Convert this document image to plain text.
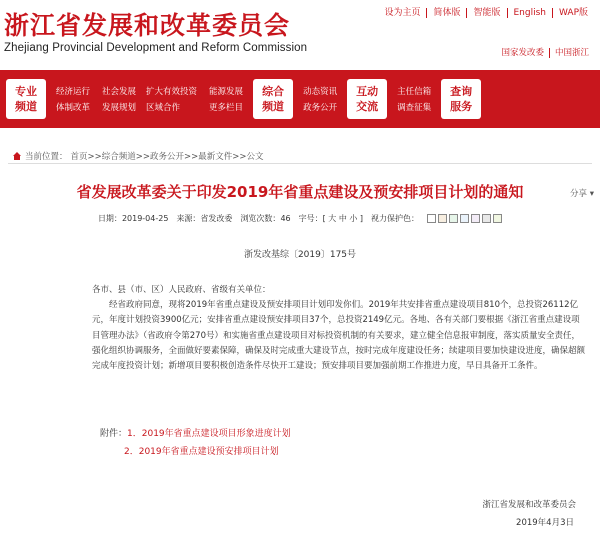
浙江省发展和改革委员会
Zhejiang Provincial Development and Reform Commission
设为主页	简体版	智能版	English	WAP版
国家发改委	中国浙江
专业
频道
经济运行 社会发展
体制改革 发展规划
扩大有效投资 能源发展
区域合作	更多栏目
综合
频道
动态资讯
政务公开
互动
交流
主任信箱
调查征集
查询
服务
当前位置： 首页>>综合频道>>政务公开>>最新文件>>公文
省发展改革委关于印发2019年省重点建设及预安排项目计划的通知	分享 ▾
日期：2019-04-25 来源：省发改委 浏览次数：46 字号：[ 大 中 小 ] 视力保护色：
浙发改基综〔2019〕175号
各市、县（市、区）人民政府、省级有关单位：
经省政府同意，现将2019年省重点建设及预安排项目计划印发你们。2019年共安排省重点建设项目810个，总投资26112亿元，年度计划投资3900亿元；安排省重点建设预安排项目37个，总投资2149亿元。各地、各有关部门要根据《浙江省重点建设项目管理办法》（省政府令第270号）和实施省重点建设项目对标投资机制的有关要求，建立健全信息报审制度，落实质量安全责任，强化组织协调服务，全面做好要素保障，确保及时完成重大建设节点，按时完成年度建设任务；续建项目要加快建设进度，确保超额完成年度投资计划；新增项目要积极创造条件尽快开工建设；预安排项目要加强前期工作推进力度，早日具备开工条件。
附件：1．2019年省重点建设项目形象进度计划
2．2019年省重点建设预安排项目计划
浙江省发展和改革委员会
2019年4月3日
